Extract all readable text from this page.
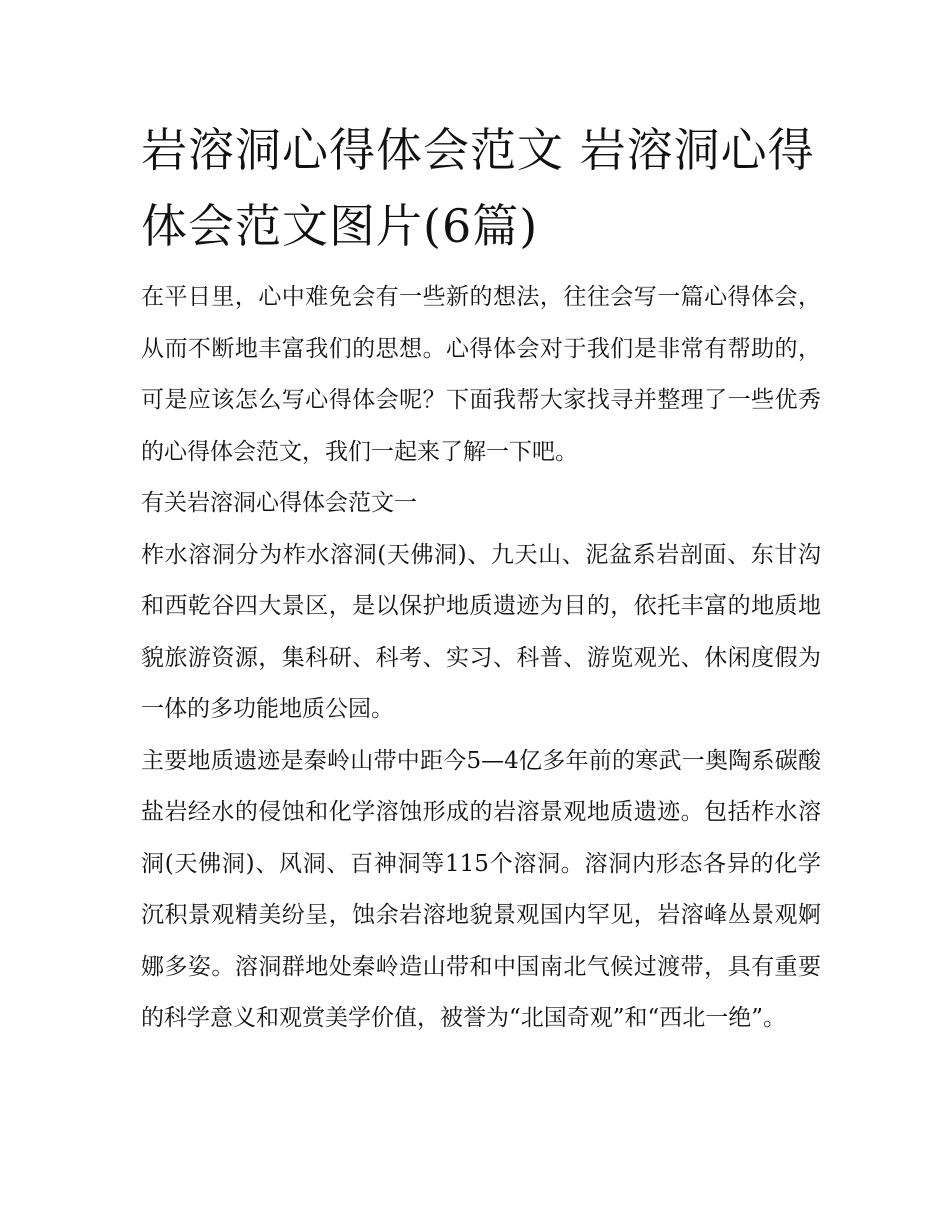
岩溶洞心得体会范文 岩溶洞心得体会范文图片(6篇)

在平日里，心中难免会有一些新的想法，往往会写一篇心得体会，从而不断地丰富我们的思想。心得体会对于我们是非常有帮助的，可是应该怎么写心得体会呢？下面我帮大家找寻并整理了一些优秀的心得体会范文，我们一起来了解一下吧。

有关岩溶洞心得体会范文一

柞水溶洞分为柞水溶洞(天佛洞)、九天山、泥盆系岩剖面、东甘沟和西乾谷四大景区，是以保护地质遗迹为目的，依托丰富的地质地貌旅游资源，集科研、科考、实习、科普、游览观光、休闲度假为一体的多功能地质公园。

主要地质遗迹是秦岭山带中距今5—4亿多年前的寒武一奥陶系碳酸盐岩经水的侵蚀和化学溶蚀形成的岩溶景观地质遗迹。包括柞水溶洞(天佛洞)、风洞、百神洞等115个溶洞。溶洞内形态各异的化学沉积景观精美纷呈，蚀余岩溶地貌景观国内罕见，岩溶峰丛景观婀娜多姿。溶洞群地处秦岭造山带和中国南北气候过渡带，具有重要的科学意义和观赏美学价值，被誉为“北国奇观”和“西北一绝”。
